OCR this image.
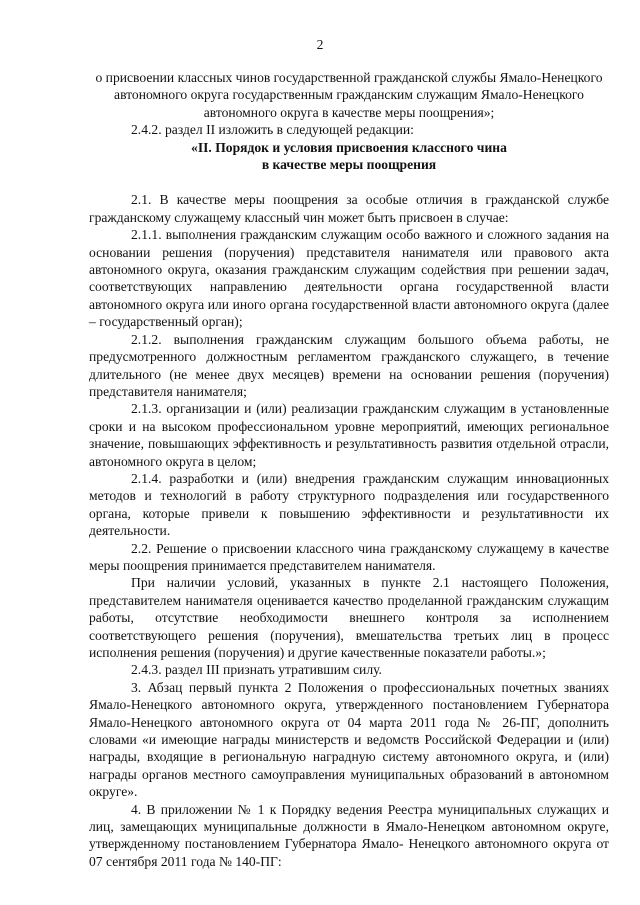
2

о присвоении классных чинов государственной гражданской службы Ямало-Ненецкого автономного округа государственным гражданским служащим Ямало-Ненецкого автономного округа в качестве меры поощрения»;

2.4.2. раздел II изложить в следующей редакции:

«II. Порядок и условия присвоения классного чина

в качестве меры поощрения

2.1. В качестве меры поощрения за особые отличия в гражданской службе гражданскому служащему классный чин может быть присвоен в случае:

2.1.1. выполнения гражданским служащим особо важного и сложного задания на основании решения (поручения) представителя нанимателя или правового акта автономного округа, оказания гражданским служащим содействия при решении задач, соответствующих направлению деятельности органа государственной власти автономного округа или иного органа государственной власти автономного округа (далее – государственный орган);

2.1.2. выполнения гражданским служащим большого объема работы, не предусмотренного должностным регламентом гражданского служащего, в течение длительного (не менее двух месяцев) времени на основании решения (поручения) представителя нанимателя;

2.1.3. организации и (или) реализации гражданским служащим в установленные сроки и на высоком профессиональном уровне мероприятий, имеющих региональное значение, повышающих эффективность и результативность развития отдельной отрасли, автономного округа в целом;

2.1.4. разработки и (или) внедрения гражданским служащим инновационных методов и технологий в работу структурного подразделения или государственного органа, которые привели к повышению эффективности и результативности их деятельности.

2.2. Решение о присвоении классного чина гражданскому служащему в качестве меры поощрения принимается представителем нанимателя.

При наличии условий, указанных в пункте 2.1 настоящего Положения, представителем нанимателя оценивается качество проделанной гражданским служащим работы, отсутствие необходимости внешнего контроля за исполнением соответствующего решения (поручения), вмешательства третьих лиц в процесс исполнения решения (поручения) и другие качественные показатели работы.»;

2.4.3. раздел III признать утратившим силу.

3. Абзац первый пункта 2 Положения о профессиональных почетных званиях Ямало-Ненецкого автономного округа, утвержденного постановлением Губернатора Ямало-Ненецкого автономного округа от 04 марта 2011 года № 26-ПГ, дополнить словами «и имеющие награды министерств и ведомств Российской Федерации и (или) награды, входящие в региональную наградную систему автономного округа, и (или) награды органов местного самоуправления муниципальных образований в автономном округе».

4. В приложении № 1 к Порядку ведения Реестра муниципальных служащих и лиц, замещающих муниципальные должности в Ямало-Ненецком автономном округе, утвержденному постановлением Губернатора Ямало- Ненецкого автономного округа от 07 сентября 2011 года № 140-ПГ:
